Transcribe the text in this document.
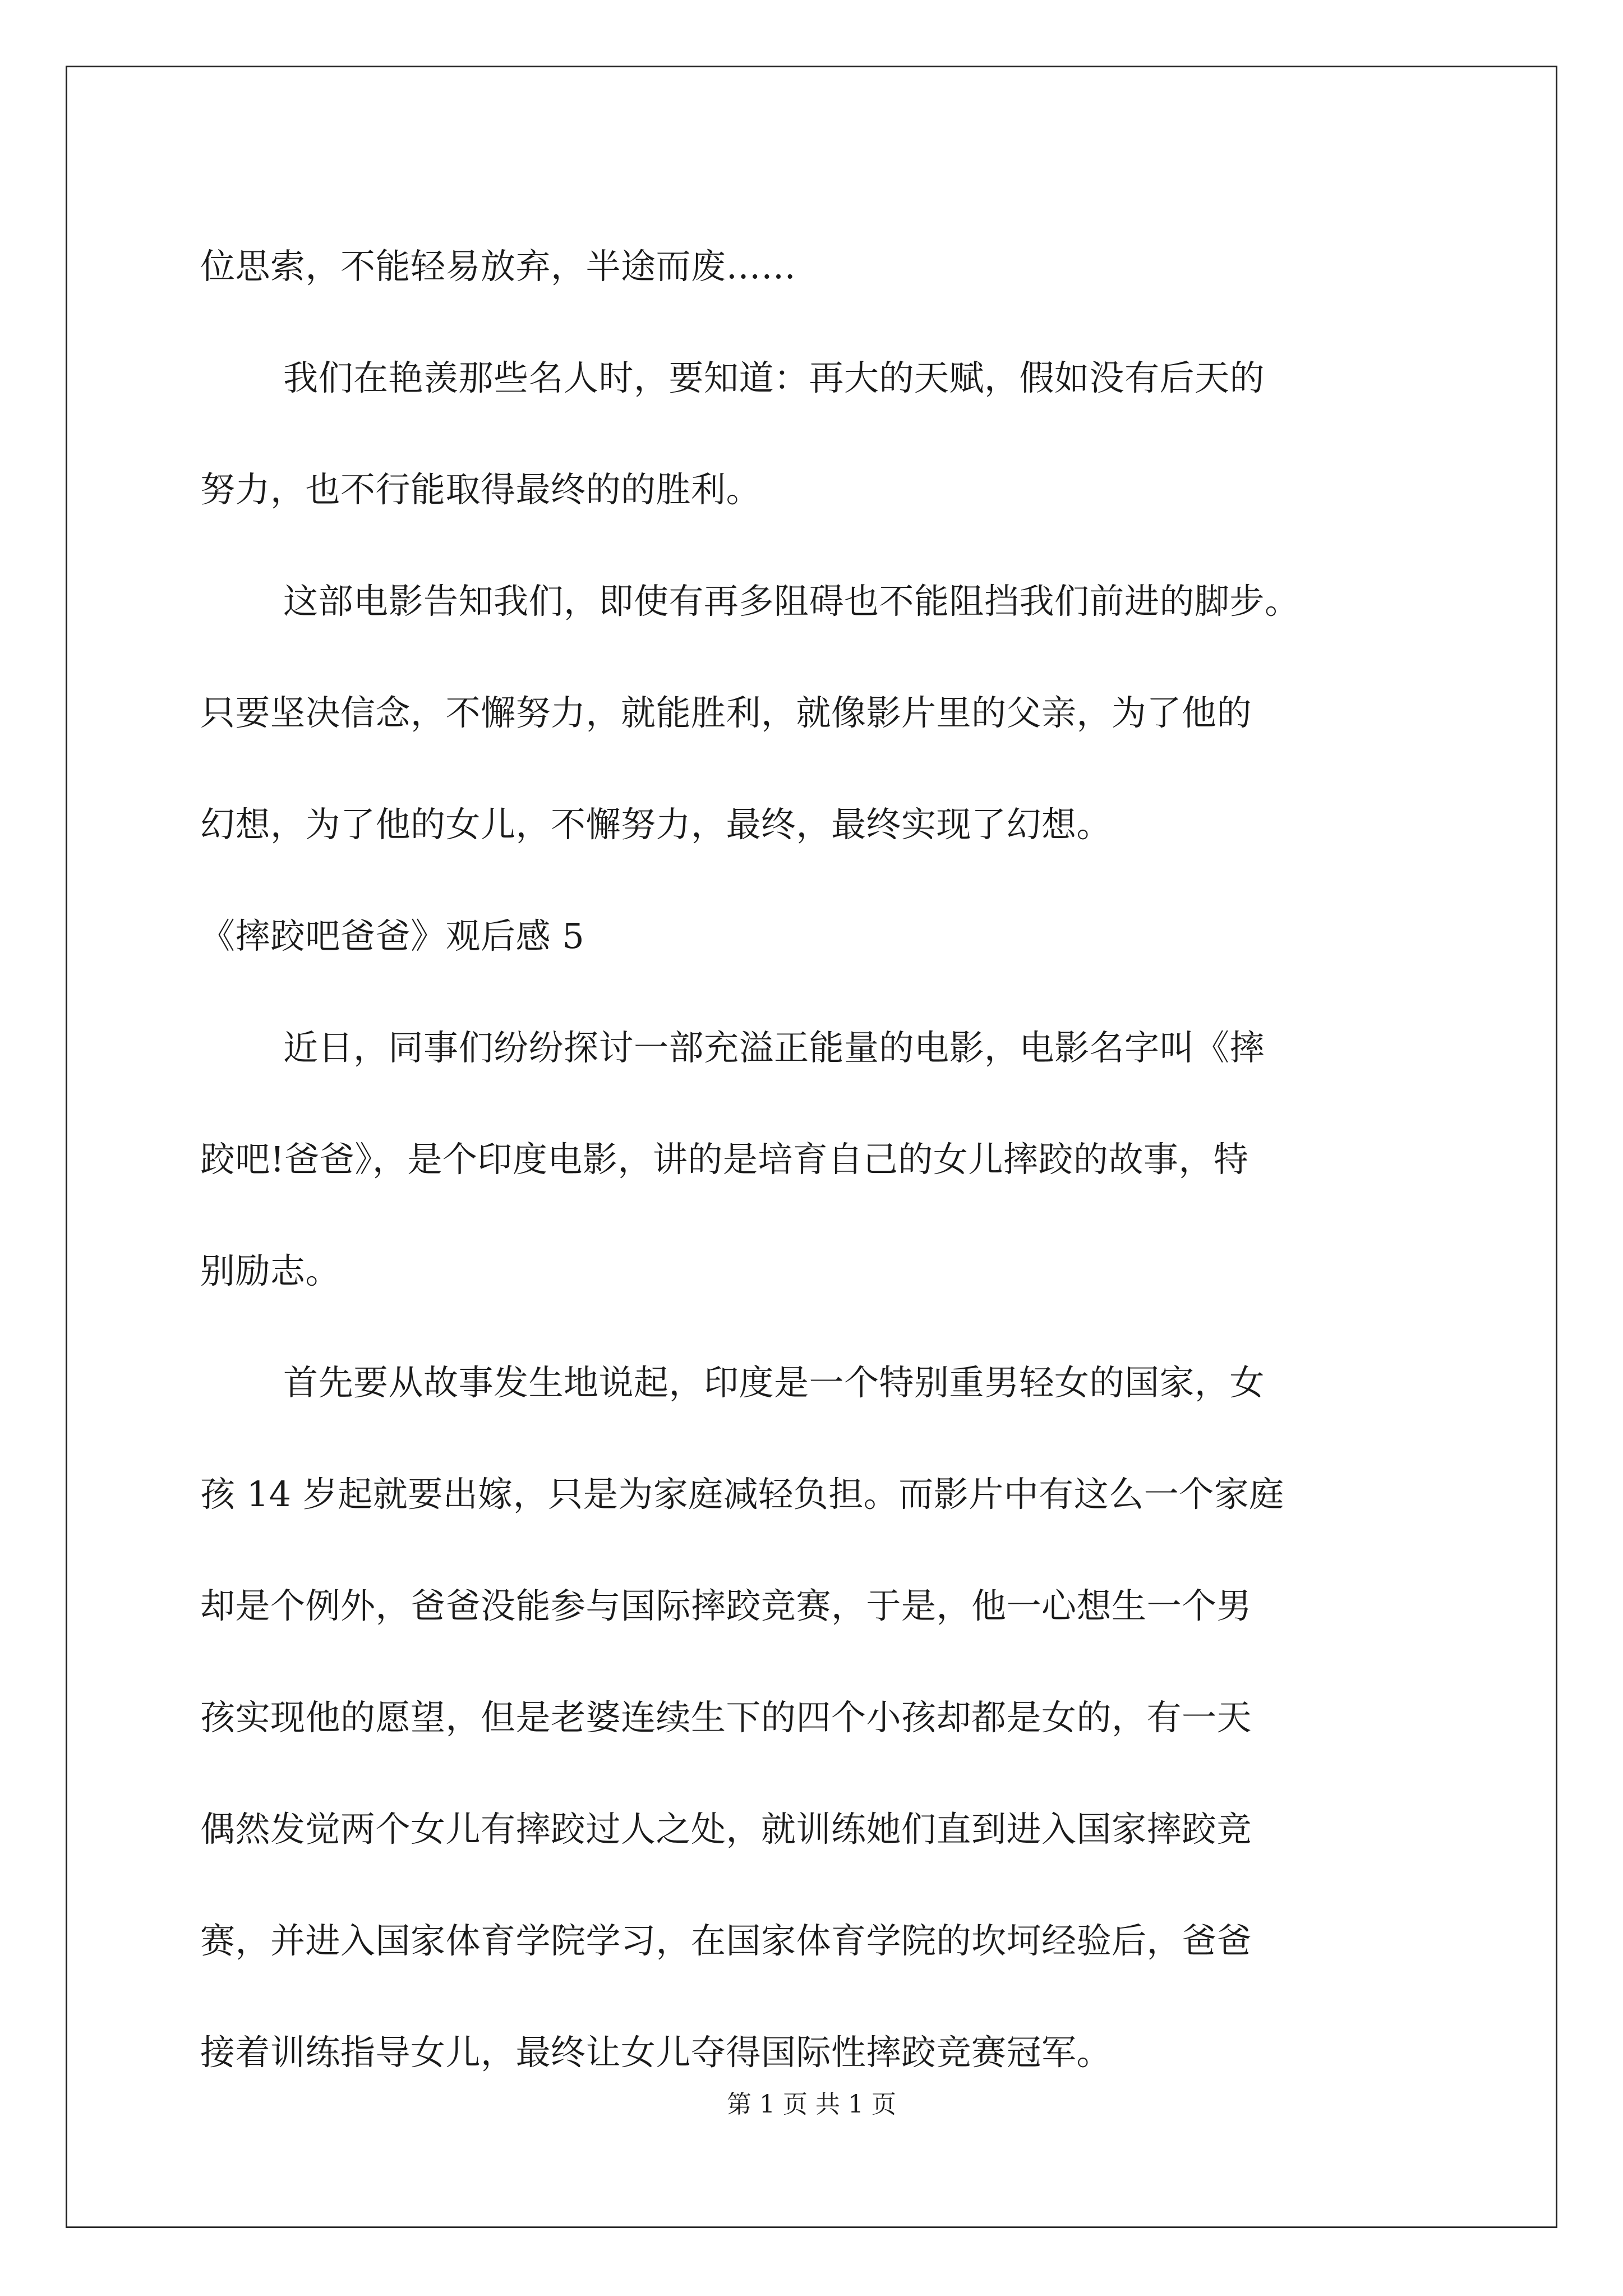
位思索，不能轻易放弃，半途而废……
我们在艳羡那些名人时，要知道：再大的天赋，假如没有后天的
努力，也不行能取得最终的的胜利。
这部电影告知我们，即使有再多阻碍也不能阻挡我们前进的脚步。
只要坚决信念，不懈努力，就能胜利，就像影片里的父亲，为了他的
幻想，为了他的女儿，不懈努力，最终，最终实现了幻想。
《摔跤吧爸爸》观后感 5
近日，同事们纷纷探讨一部充溢正能量的电影，电影名字叫《摔
跤吧!爸爸》，是个印度电影，讲的是培育自己的女儿摔跤的故事，特
别励志。
首先要从故事发生地说起，印度是一个特别重男轻女的国家，女
孩 14 岁起就要出嫁，只是为家庭减轻负担。而影片中有这么一个家庭
却是个例外，爸爸没能参与国际摔跤竞赛，于是，他一心想生一个男
孩实现他的愿望，但是老婆连续生下的四个小孩却都是女的，有一天
偶然发觉两个女儿有摔跤过人之处，就训练她们直到进入国家摔跤竞
赛，并进入国家体育学院学习，在国家体育学院的坎坷经验后，爸爸
接着训练指导女儿，最终让女儿夺得国际性摔跤竞赛冠军。
第 1 页 共 1 页
